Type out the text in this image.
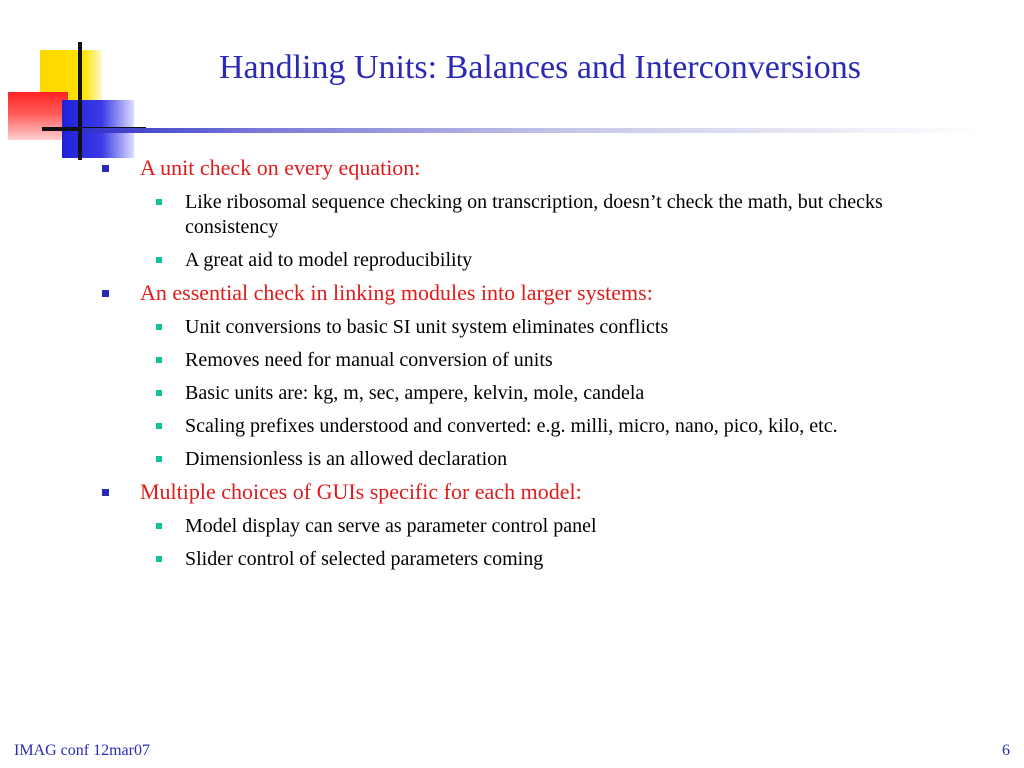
Handling Units: Balances and Interconversions
A unit check on every equation:
Like ribosomal sequence checking on transcription, doesn’t check the math, but checks consistency
A great aid to model reproducibility
An essential check in linking modules into larger systems:
Unit conversions to basic SI unit system eliminates conflicts
Removes need for manual conversion of units
Basic units are: kg, m, sec, ampere, kelvin, mole, candela
Scaling prefixes understood and converted: e.g. milli, micro, nano, pico, kilo, etc.
Dimensionless is an allowed declaration
Multiple choices of GUIs specific for each model:
Model display can serve as parameter control panel
Slider control of selected parameters coming
IMAG conf 12mar07	6
